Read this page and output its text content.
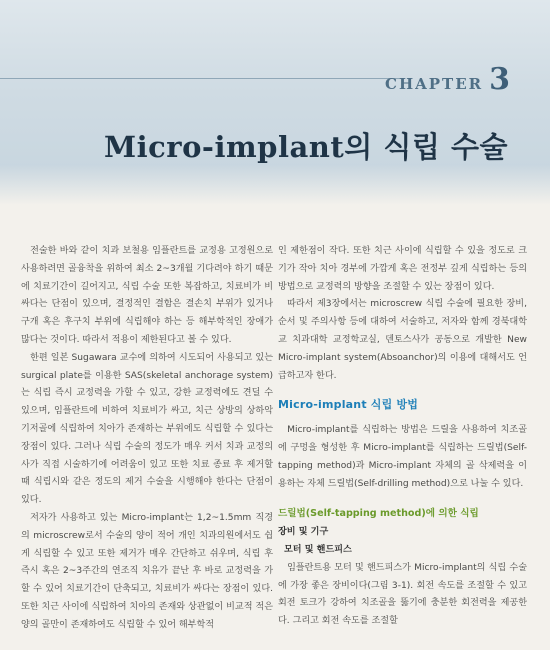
CHAPTER 3
Micro-implant의 식립 수술

전술한 바와 같이 치과 보철용 임플란트를 교정용 고정원으로 사용하려면 골융착을 위하여 최소 2~3개월 기다려야 하기 때문에 치료기간이 길어지고, 식립 수술 또한 복잡하고, 치료비가 비싸다는 단점이 있으며, 결정적인 결함은 결손치 부위가 있거나 구개 혹은 후구치 부위에 식립해야 하는 등 해부학적인 장애가 많다는 것이다. 따라서 적용이 제한된다고 볼 수 있다.

한편 일본 Sugawara 교수에 의하여 시도되어 사용되고 있는 surgical plate를 이용한 SAS(skeletal anchorage system)는 식립 즉시 교정력을 가할 수 있고, 강한 교정력에도 견딜 수 있으며, 임플란트에 비하여 치료비가 싸고, 치근 상방의 상하악 기저골에 식립하여 치아가 존재하는 부위에도 식립할 수 있다는 장점이 있다. 그러나 식립 수술의 정도가 매우 커서 치과 교정의사가 직접 시술하기에 어려움이 있고 또한 치료 종료 후 제거할 때 식립시와 같은 정도의 제거 수술을 시행해야 한다는 단점이 있다.

저자가 사용하고 있는 Micro-implant는 1,2~1.5mm 직경의 microscrew로서 수술의 양이 적어 개인 치과의원에서도 쉽게 식립할 수 있고 또한 제거가 매우 간단하고 쉬우며, 식립 후 즉시 혹은 2~3주간의 연조직 치유가 끝난 후 바로 교정력을 가할 수 있어 치료기간이 단축되고, 치료비가 싸다는 장점이 있다. 또한 치근 사이에 식립하여 치아의 존재와 상관없이 비교적 적은 양의 골만이 존재하여도 식립할 수 있어 해부학적

인 제한점이 작다. 또한 치근 사이에 식립할 수 있을 정도로 크기가 작아 치아 경부에 가깝게 혹은 전정부 깊게 식립하는 등의 방법으로 교정력의 방향을 조절할 수 있는 장점이 있다.

따라서 제3장에서는 microscrew 식립 수술에 필요한 장비, 순서 및 주의사항 등에 대하여 서술하고, 저자와 함께 경북대학교 치과대학 교정학교실, 덴토스사가 공동으로 개발한 New Micro-implant system(Absoanchor)의 이용에 대해서도 언급하고자 한다.

Micro-implant 식립 방법

Micro-implant를 식립하는 방법은 드릴을 사용하여 치조골에 구멍을 형성한 후 Micro-implant를 식립하는 드릴법(Self-tapping method)과 Micro-implant 자체의 골 삭제력을 이용하는 자체 드릴법(Self-drilling method)으로 나눌 수 있다.

드릴법(Self-tapping method)에 의한 식립
장비 및 기구
모터 및 핸드피스

임플란트용 모터 및 핸드피스가 Micro-implant의 식립 수술에 가장 좋은 장비이다(그림 3-1). 회전 속도를 조절할 수 있고 회전 토크가 강하여 치조골을 뚫기에 충분한 회전력을 제공한다. 그리고 회전 속도를 조절할
